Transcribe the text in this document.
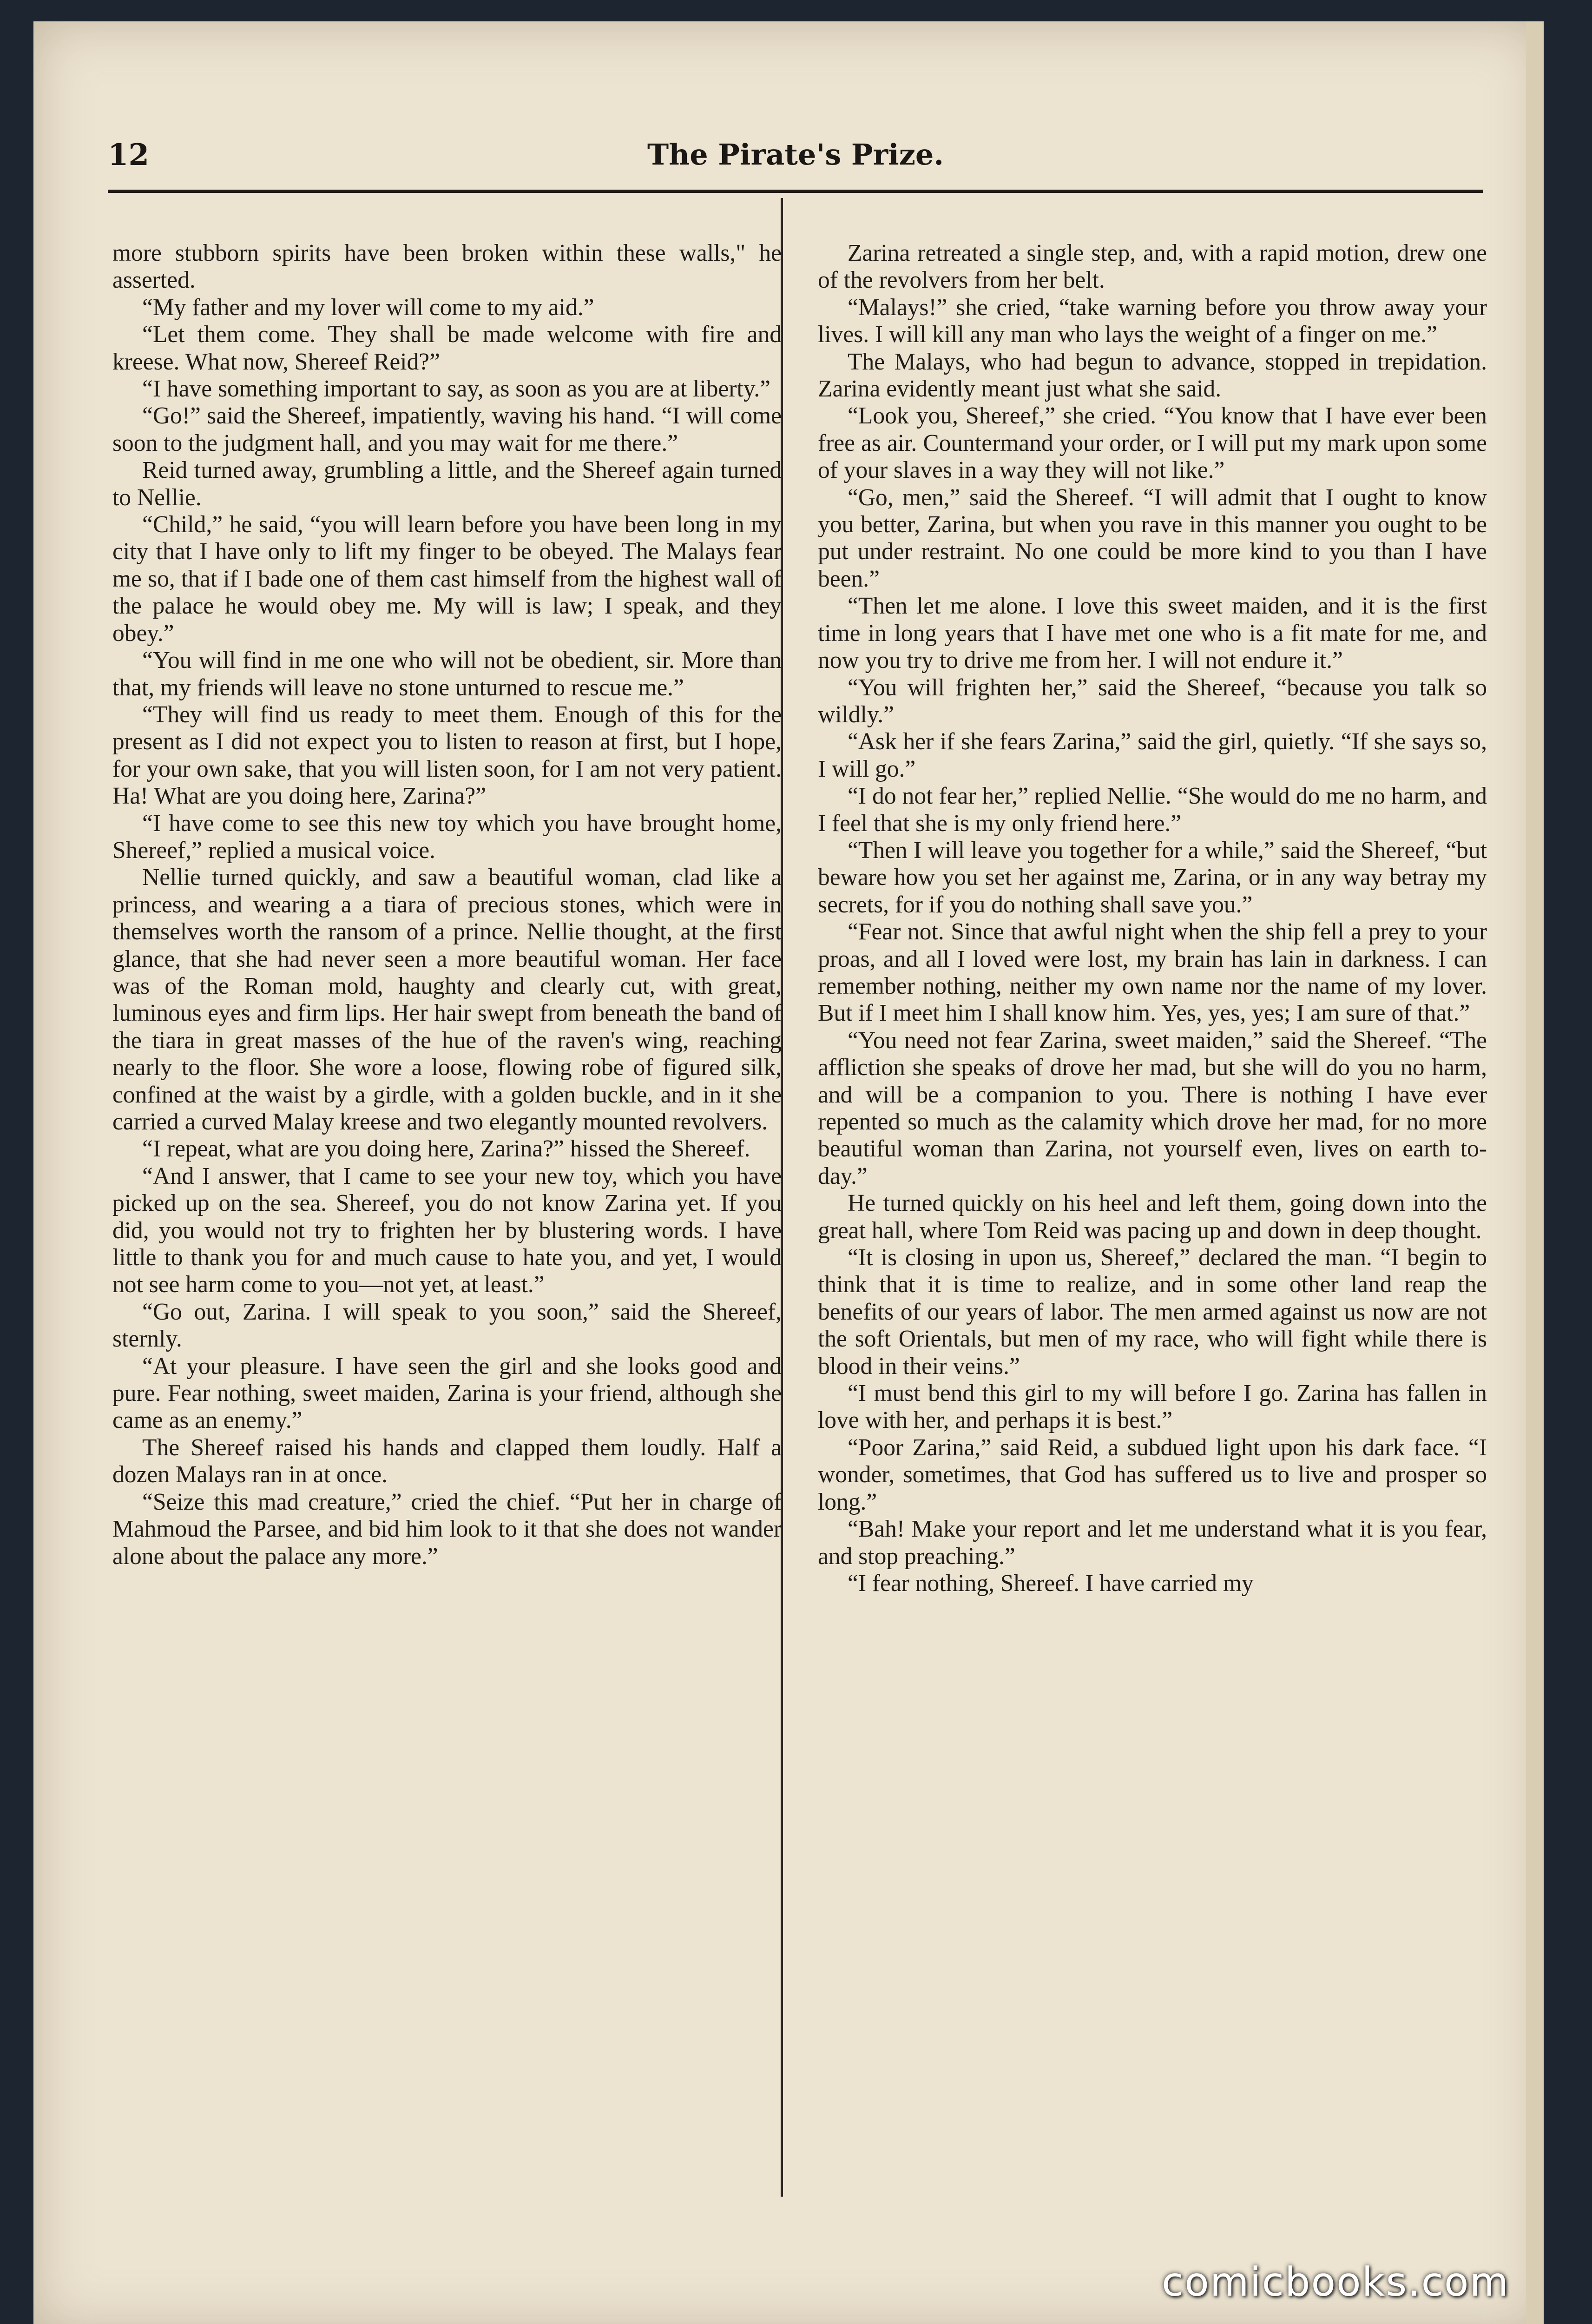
12	The Pirate's Prize.

more stubborn spirits have been broken within these walls," he asserted.

“My father and my lover will come to my aid.”

“Let them come. They shall be made welcome with fire and kreese. What now, Shereef Reid?”

“I have something important to say, as soon as you are at liberty.”

“Go!” said the Shereef, impatiently, waving his hand. “I will come soon to the judgment hall, and you may wait for me there.”

Reid turned away, grumbling a little, and the Shereef again turned to Nellie.

“Child,” he said, “you will learn before you have been long in my city that I have only to lift my finger to be obeyed. The Malays fear me so, that if I bade one of them cast himself from the highest wall of the palace he would obey me. My will is law; I speak, and they obey.”

“You will find in me one who will not be obedient, sir. More than that, my friends will leave no stone unturned to rescue me.”

“They will find us ready to meet them. Enough of this for the present as I did not expect you to listen to reason at first, but I hope, for your own sake, that you will listen soon, for I am not very patient. Ha! What are you doing here, Zarina?”

“I have come to see this new toy which you have brought home, Shereef,” replied a musical voice.

Nellie turned quickly, and saw a beautiful woman, clad like a princess, and wearing a a tiara of precious stones, which were in themselves worth the ransom of a prince. Nellie thought, at the first glance, that she had never seen a more beautiful woman. Her face was of the Roman mold, haughty and clearly cut, with great, luminous eyes and firm lips. Her hair swept from beneath the band of the tiara in great masses of the hue of the raven's wing, reaching nearly to the floor. She wore a loose, flowing robe of figured silk, confined at the waist by a girdle, with a golden buckle, and in it she carried a curved Malay kreese and two elegantly mounted revolvers.

“I repeat, what are you doing here, Zarina?” hissed the Shereef.

“And I answer, that I came to see your new toy, which you have picked up on the sea. Shereef, you do not know Zarina yet. If you did, you would not try to frighten her by blustering words. I have little to thank you for and much cause to hate you, and yet, I would not see harm come to you—not yet, at least.”

“Go out, Zarina. I will speak to you soon,” said the Shereef, sternly.

“At your pleasure. I have seen the girl and she looks good and pure. Fear nothing, sweet maiden, Zarina is your friend, although she came as an enemy.”

The Shereef raised his hands and clapped them loudly. Half a dozen Malays ran in at once.

“Seize this mad creature,” cried the chief. “Put her in charge of Mahmoud the Parsee, and bid him look to it that she does not wander alone about the palace any more.”

Zarina retreated a single step, and, with a rapid motion, drew one of the revolvers from her belt.

“Malays!” she cried, “take warning before you throw away your lives. I will kill any man who lays the weight of a finger on me.”

The Malays, who had begun to advance, stopped in trepidation. Zarina evidently meant just what she said.

“Look you, Shereef,” she cried. “You know that I have ever been free as air. Countermand your order, or I will put my mark upon some of your slaves in a way they will not like.”

“Go, men,” said the Shereef. “I will admit that I ought to know you better, Zarina, but when you rave in this manner you ought to be put under restraint. No one could be more kind to you than I have been.”

“Then let me alone. I love this sweet maiden, and it is the first time in long years that I have met one who is a fit mate for me, and now you try to drive me from her. I will not endure it.”

“You will frighten her,” said the Shereef, “because you talk so wildly.”

“Ask her if she fears Zarina,” said the girl, quietly. “If she says so, I will go.”

“I do not fear her,” replied Nellie. “She would do me no harm, and I feel that she is my only friend here.”

“Then I will leave you together for a while,” said the Shereef, “but beware how you set her against me, Zarina, or in any way betray my secrets, for if you do nothing shall save you.”

“Fear not. Since that awful night when the ship fell a prey to your proas, and all I loved were lost, my brain has lain in darkness. I can remember nothing, neither my own name nor the name of my lover. But if I meet him I shall know him. Yes, yes, yes; I am sure of that.”

“You need not fear Zarina, sweet maiden,” said the Shereef. “The affliction she speaks of drove her mad, but she will do you no harm, and will be a companion to you. There is nothing I have ever repented so much as the calamity which drove her mad, for no more beautiful woman than Zarina, not yourself even, lives on earth to-day.”

He turned quickly on his heel and left them, going down into the great hall, where Tom Reid was pacing up and down in deep thought.

“It is closing in upon us, Shereef,” declared the man. “I begin to think that it is time to realize, and in some other land reap the benefits of our years of labor. The men armed against us now are not the soft Orientals, but men of my race, who will fight while there is blood in their veins.”

“I must bend this girl to my will before I go. Zarina has fallen in love with her, and perhaps it is best.”

“Poor Zarina,” said Reid, a subdued light upon his dark face. “I wonder, sometimes, that God has suffered us to live and prosper so long.”

“Bah! Make your report and let me understand what it is you fear, and stop preaching.”

“I fear nothing, Shereef. I have carried my

comicbooks.com
